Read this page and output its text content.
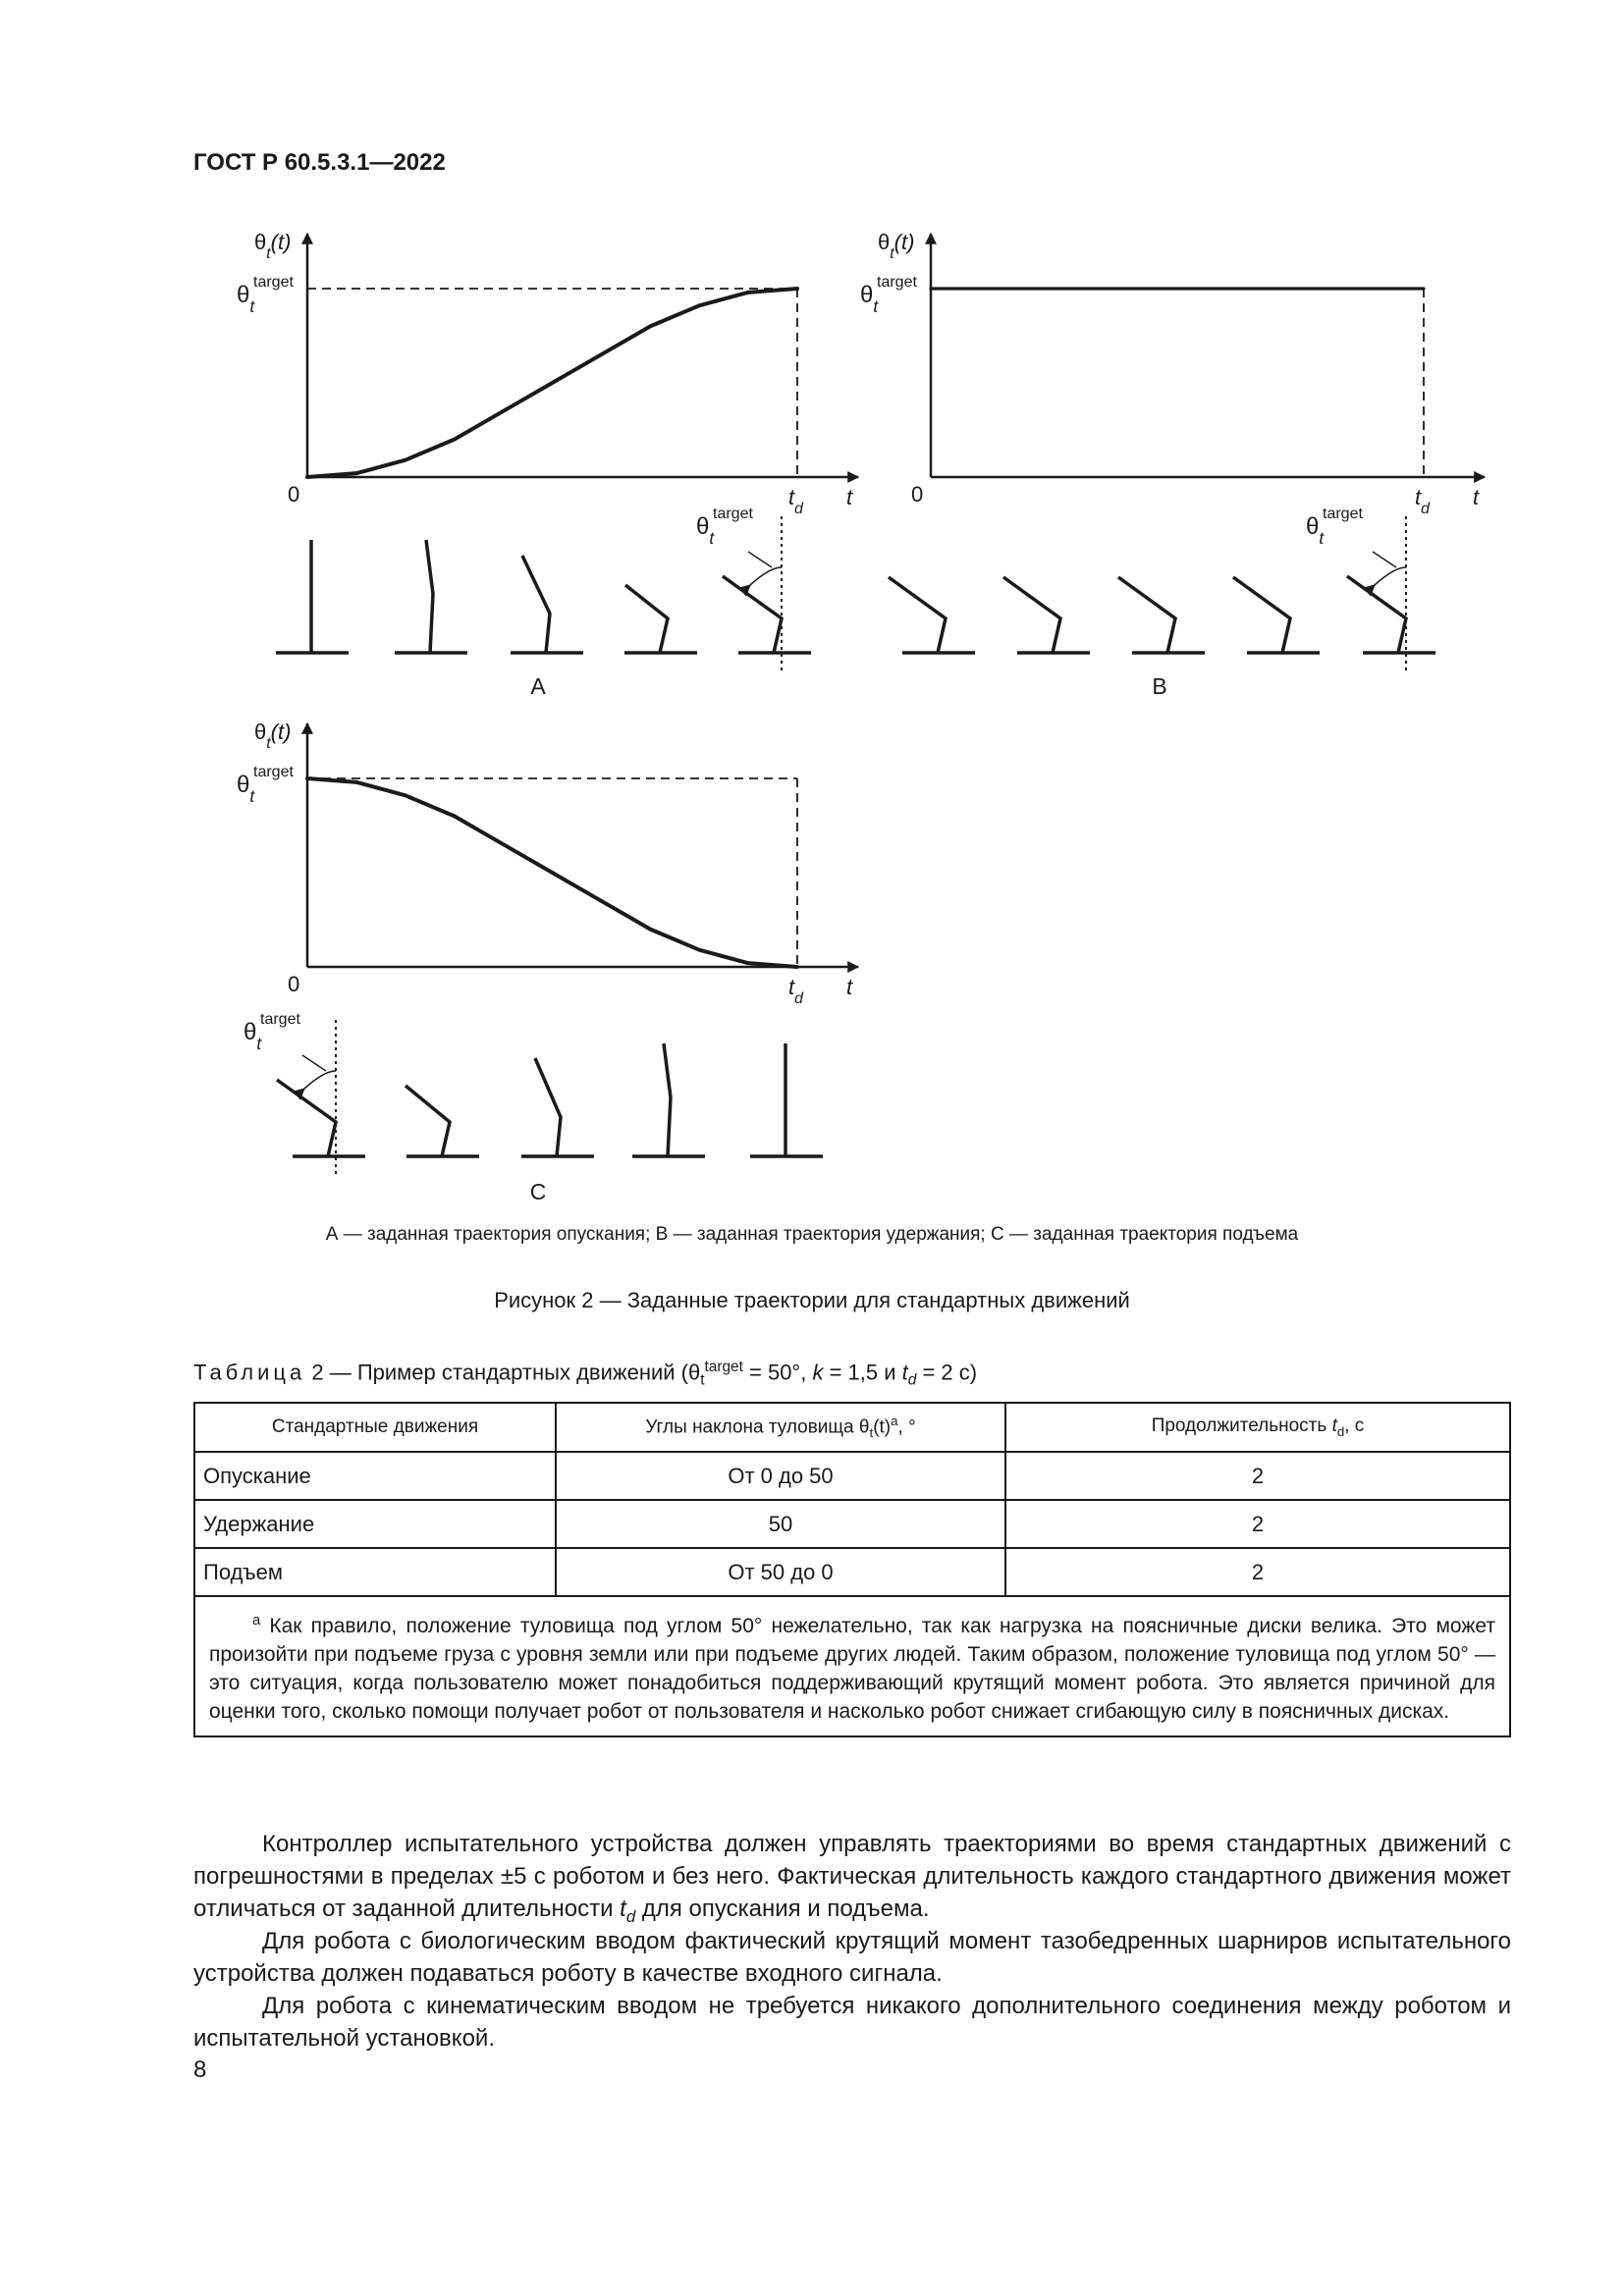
ГОСТ Р 60.5.3.1—2022
$\theta_t(t)$
$\theta_t$
target
0	$t_d$ t
$\theta_t(t)$
$\theta_t$
target
0	$t_d$ t
$\theta_t(t)$
$\theta_t$
target
0	$t_d$ t
$\theta_t$
target	$\theta_t$
target
$\theta_t$
target
A	B
C
А — заданная траектория опускания; В — заданная траектория удержания; С — заданная траектория подъема
Рисунок 2 — Заданные траектории для стандартных движений
Таблица 2 — Пример стандартных движений ($\theta_t^{target} = 50^\circ$, k = 1,5 и $t_d = 2$ с)
Стандартные движения	Углы наклона туловища $\theta_t(t)^a$, °	Продолжительность $t_d$, с
Опускание	От 0 до 50	2
Удержание	50	2
Подъем	От 50 до 0	2
$^a$ Как правило, положение туловища под углом 50° нежелательно, так как нагрузка на поясничные диски велика. Это может произойти при подъеме груза с уровня земли или при подъеме других людей. Таким образом, положение туловища под углом 50° — это ситуация, когда пользователю может понадобиться поддерживающий крутящий момент робота. Это является причиной для оценки того, сколько помощи получает робот от пользователя и насколько робот снижает сгибающую силу в поясничных дисках.		
Контроллер испытательного устройства должен управлять траекториями во время стандартных движений с погрешностями в пределах ±5 с роботом и без него. Фактическая длительность каждого стандартного движения может отличаться от заданной длительности $t_d$ для опускания и подъема.
Для робота с биологическим вводом фактический крутящий момент тазобедренных шарниров испытательного устройства должен подаваться роботу в качестве входного сигнала.
Для робота с кинематическим вводом не требуется никакого дополнительного соединения между роботом и испытательной установкой.
8
